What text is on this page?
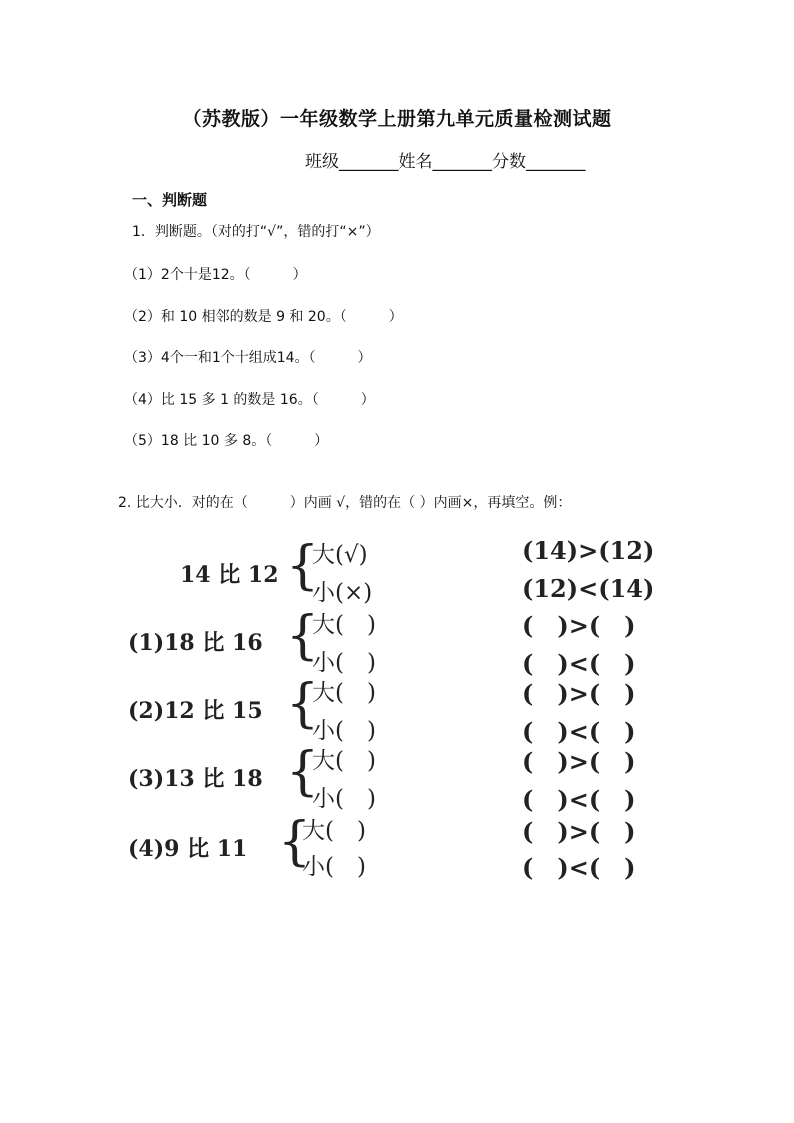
（苏教版）一年级数学上册第九单元质量检测试题
班级_______姓名_______分数_______
一、判断题
1．判断题。（对的打“√”，错的打“×”）
（1）2个十是12。（　　　）
（2）和 10 相邻的数是 9 和 20。（　　　）
（3）4个一和1个十组成14。（　　　）
（4）比 15 多 1 的数是 16。（　　　）
（5）18 比 10 多 8。（　　　）
2. 比大小．对的在（　　　）内画 √，错的在（ ）内画×，再填空。例：
14 比 12 {
大(√)
小(×)
(14)>(12)
(12)<(14)
(1)18 比 16 {
大(　)
小(　)
(　)>(　)
(　)<(　)
(2)12 比 15 {
大(　)
小(　)
(　)>(　)
(　)<(　)
(3)13 比 18 {
大(　)
小(　)
(　)>(　)
(　)<(　)
(4)9 比 11 {
大(　)
小(　)
(　)>(　)
(　)<(　)
